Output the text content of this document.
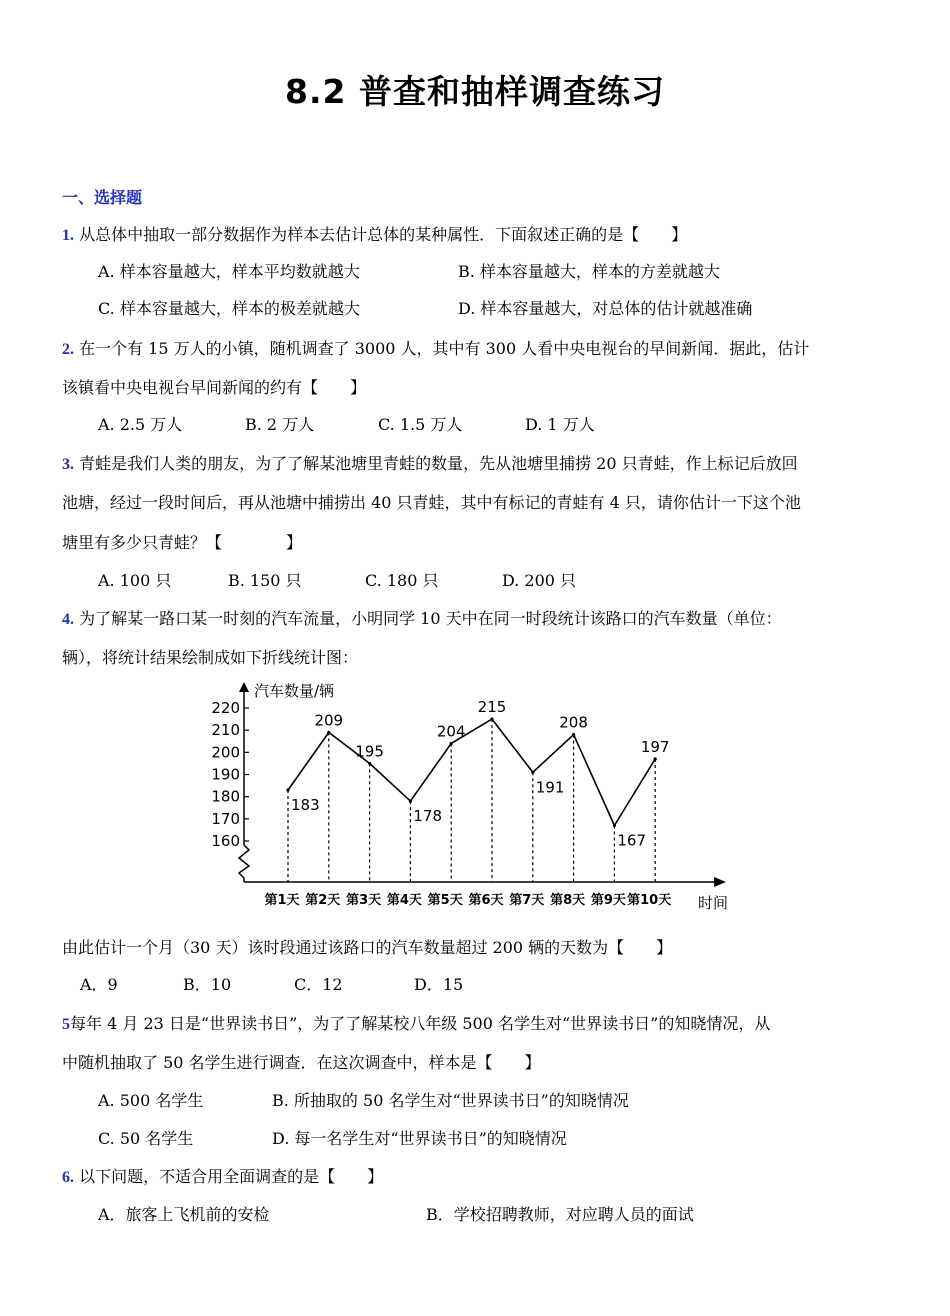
8.2 普查和抽样调查练习
一、选择题
1. 从总体中抽取一部分数据作为样本去估计总体的某种属性．下面叙述正确的是【　　】
A. 样本容量越大，样本平均数就越大	B. 样本容量越大，样本的方差就越大
C. 样本容量越大，样本的极差就越大	D. 样本容量越大，对总体的估计就越准确
2. 在一个有 15 万人的小镇，随机调查了 3000 人，其中有 300 人看中央电视台的早间新闻．据此，估计
该镇看中央电视台早间新闻的约有【　　】
A. 2.5 万人	B. 2 万人	C. 1.5 万人	D. 1 万人
3. 青蛙是我们人类的朋友，为了了解某池塘里青蛙的数量，先从池塘里捕捞 20 只青蛙，作上标记后放回
池塘，经过一段时间后，再从池塘中捕捞出 40 只青蛙，其中有标记的青蛙有 4 只，请你估计一下这个池
塘里有多少只青蛙？【　　　　】
A. 100 只	B. 150 只	C. 180 只	D. 200 只
4. 为了解某一路口某一时刻的汽车流量，小明同学 10 天中在同一时段统计该路口的汽车数量（单位：
辆），将统计结果绘制成如下折线统计图：
汽车数量/辆
时间
160
170
180
190
200
210
220
183
209
195
178
204
215
191
208
167
197
第1天 第2天 第3天 第4天 第5天 第6天 第7天 第8天 第9天 第10天
由此估计一个月（30 天）该时段通过该路口的汽车数量超过 200 辆的天数为【　　】
A．9	B．10	C．12	D．15
5每年 4 月 23 日是“世界读书日”，为了了解某校八年级 500 名学生对“世界读书日”的知晓情况，从
中随机抽取了 50 名学生进行调查．在这次调查中，样本是【　　】
A. 500 名学生	B. 所抽取的 50 名学生对“世界读书日”的知晓情况
C. 50 名学生	D. 每一名学生对“世界读书日”的知晓情况
6. 以下问题，不适合用全面调查的是【　　】
A．旅客上飞机前的安检	B．学校招聘教师，对应聘人员的面试
